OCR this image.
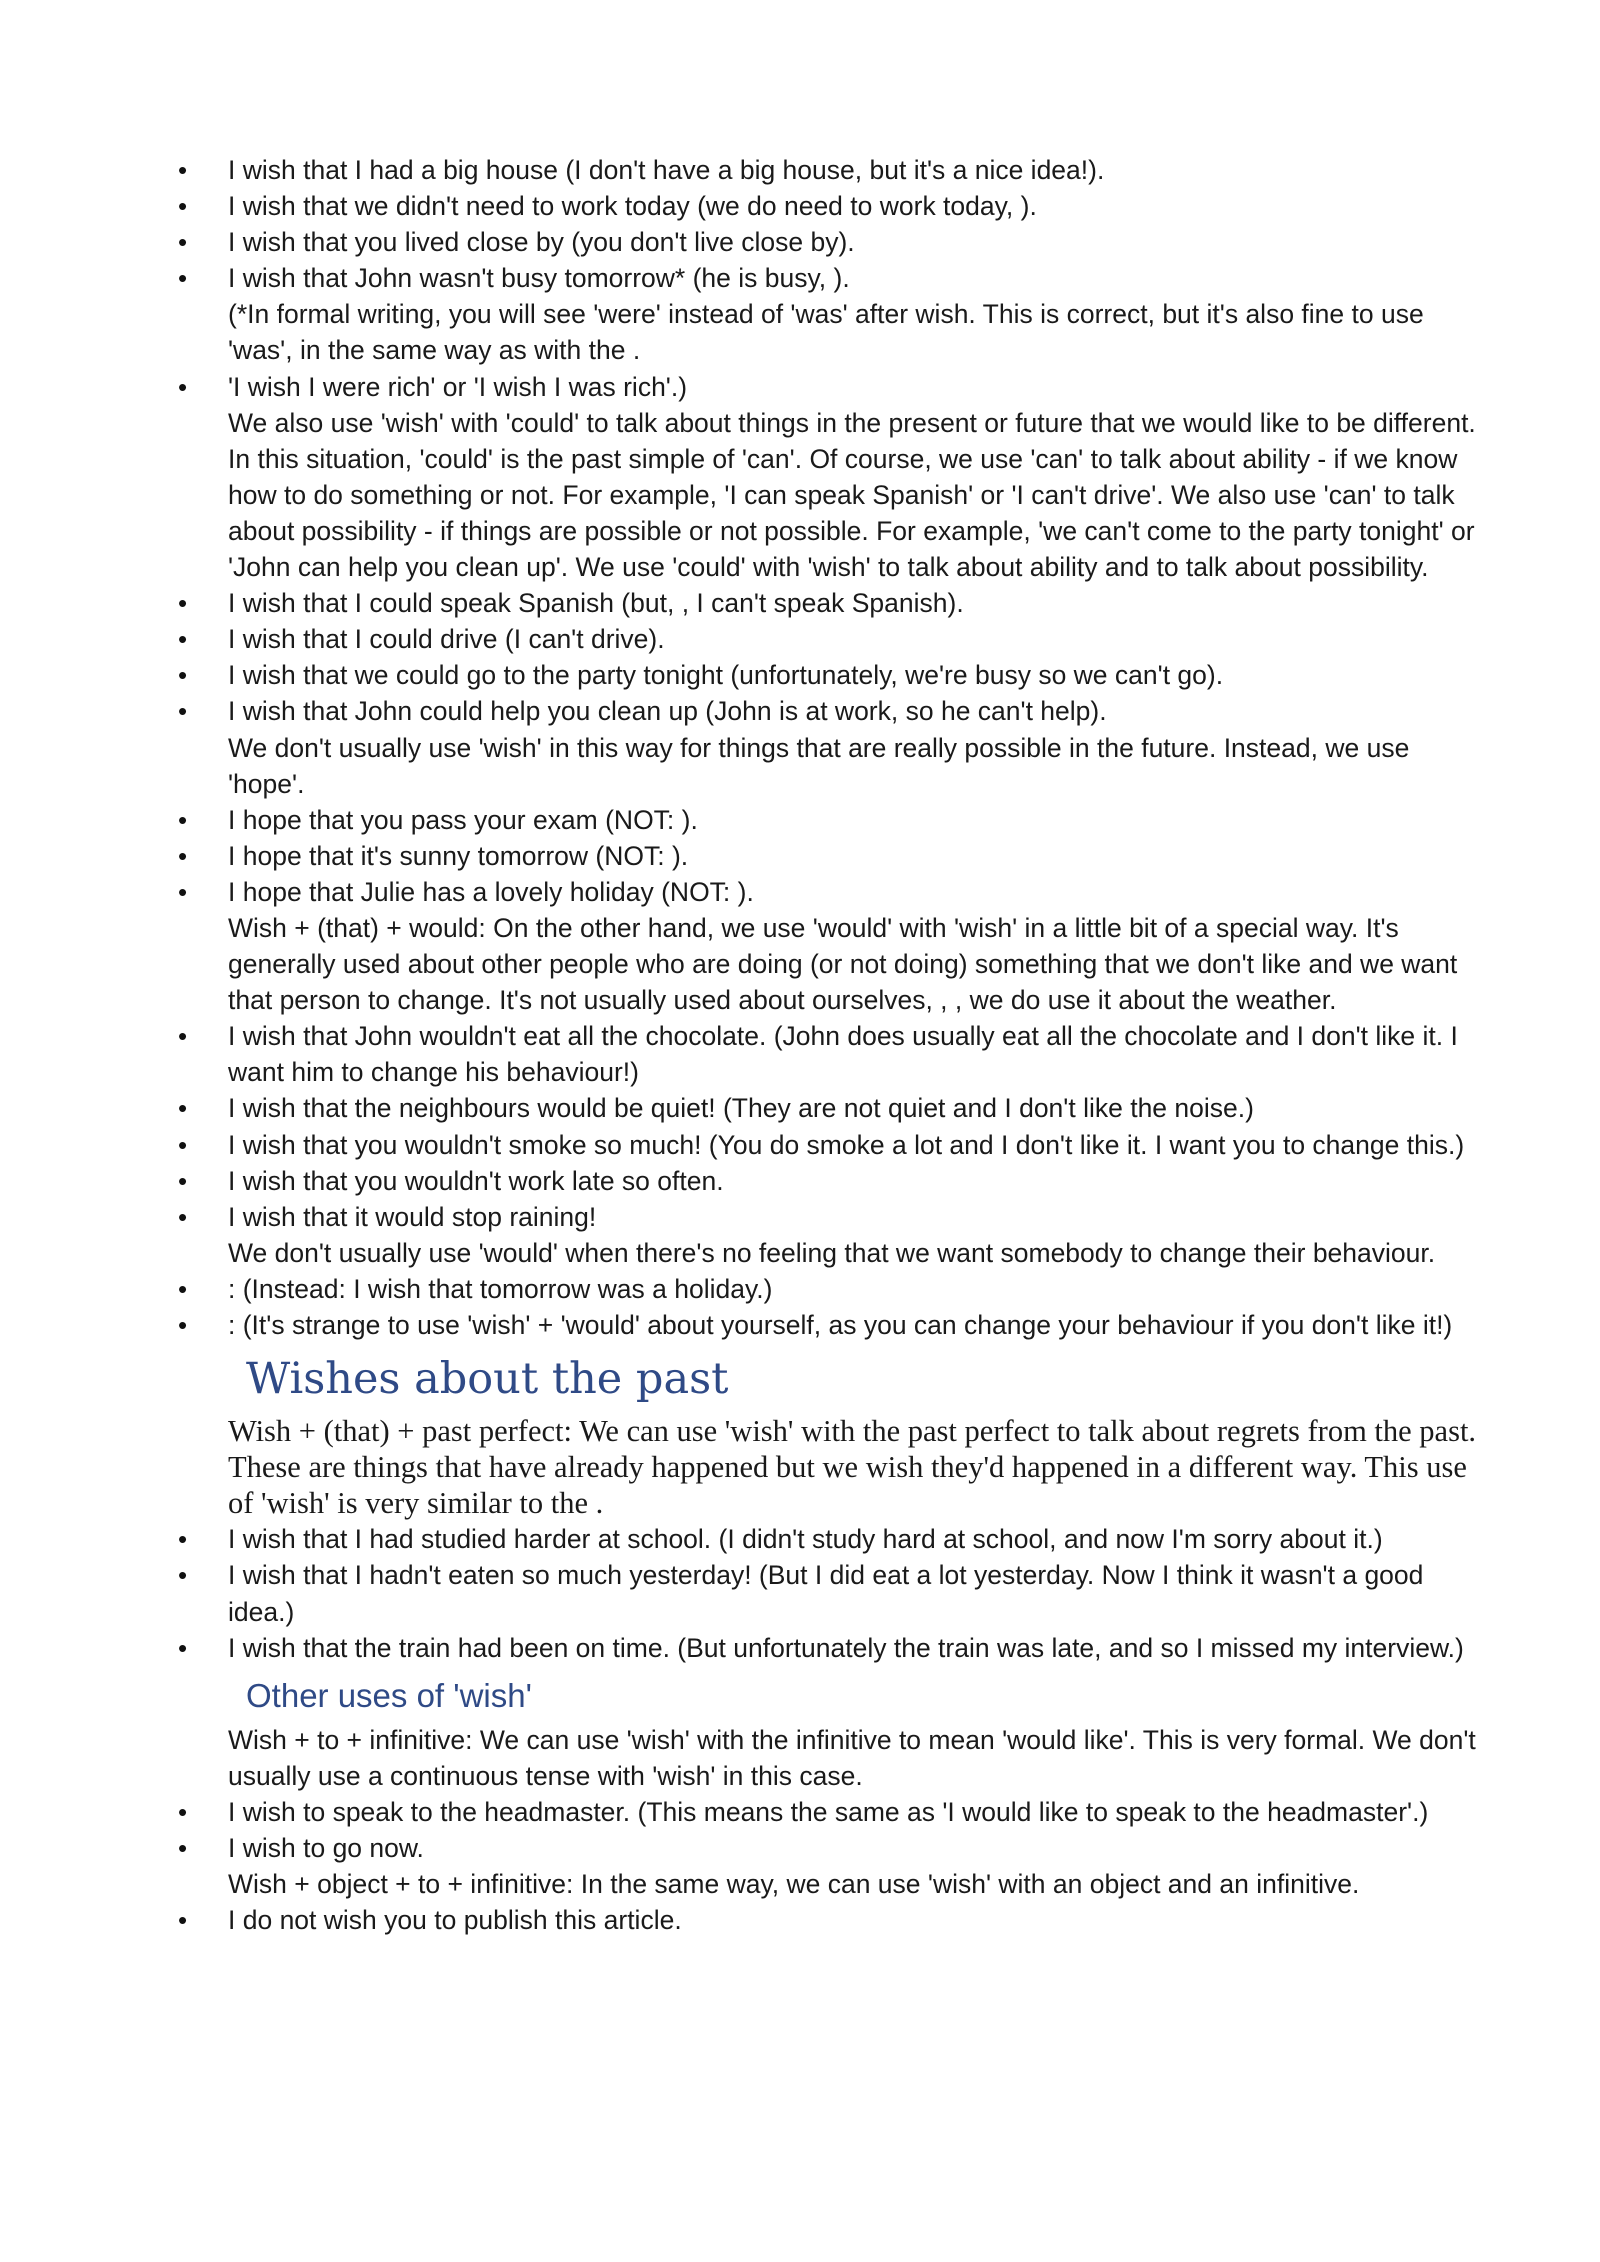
• I wish that I had a big house (I don't have a big house, but it's a nice idea!).
• I wish that we didn't need to work today (we do need to work today, ).
• I wish that you lived close by (you don't live close by).
• I wish that John wasn't busy tomorrow* (he is busy, ).
(*In formal writing, you will see 'were' instead of 'was' after wish. This is correct, but it's also fine to use 'was', in the same way as with the .
• 'I wish I were rich' or 'I wish I was rich'.)
We also use 'wish' with 'could' to talk about things in the present or future that we would like to be different. In this situation, 'could' is the past simple of 'can'. Of course, we use 'can' to talk about ability - if we know how to do something or not. For example, 'I can speak Spanish' or 'I can't drive'. We also use 'can' to talk about possibility - if things are possible or not possible. For example, 'we can't come to the party tonight' or 'John can help you clean up'. We use 'could' with 'wish' to talk about ability and to talk about possibility.
• I wish that I could speak Spanish (but, , I can't speak Spanish).
• I wish that I could drive (I can't drive).
• I wish that we could go to the party tonight (unfortunately, we're busy so we can't go).
• I wish that John could help you clean up (John is at work, so he can't help).
We don't usually use 'wish' in this way for things that are really possible in the future. Instead, we use 'hope'.
• I hope that you pass your exam (NOT: ).
• I hope that it's sunny tomorrow (NOT: ).
• I hope that Julie has a lovely holiday (NOT: ).
Wish + (that) + would: On the other hand, we use 'would' with 'wish' in a little bit of a special way. It's generally used about other people who are doing (or not doing) something that we don't like and we want that person to change. It's not usually used about ourselves, , , we do use it about the weather.
• I wish that John wouldn't eat all the chocolate. (John does usually eat all the chocolate and I don't like it. I want him to change his behaviour!)
• I wish that the neighbours would be quiet! (They are not quiet and I don't like the noise.)
• I wish that you wouldn't smoke so much! (You do smoke a lot and I don't like it. I want you to change this.)
• I wish that you wouldn't work late so often.
• I wish that it would stop raining!
We don't usually use 'would' when there's no feeling that we want somebody to change their behaviour.
• : (Instead: I wish that tomorrow was a holiday.)
• : (It's strange to use 'wish' + 'would' about yourself, as you can change your behaviour if you don't like it!)
Wishes about the past
Wish + (that) + past perfect: We can use 'wish' with the past perfect to talk about regrets from the past. These are things that have already happened but we wish they'd happened in a different way. This use of 'wish' is very similar to the .
• I wish that I had studied harder at school. (I didn't study hard at school, and now I'm sorry about it.)
• I wish that I hadn't eaten so much yesterday! (But I did eat a lot yesterday. Now I think it wasn't a good idea.)
• I wish that the train had been on time. (But unfortunately the train was late, and so I missed my interview.)
Other uses of 'wish'
Wish + to + infinitive: We can use 'wish' with the infinitive to mean 'would like'. This is very formal. We don't usually use a continuous tense with 'wish' in this case.
• I wish to speak to the headmaster. (This means the same as 'I would like to speak to the headmaster'.)
• I wish to go now.
Wish + object + to + infinitive: In the same way, we can use 'wish' with an object and an infinitive.
• I do not wish you to publish this article.
